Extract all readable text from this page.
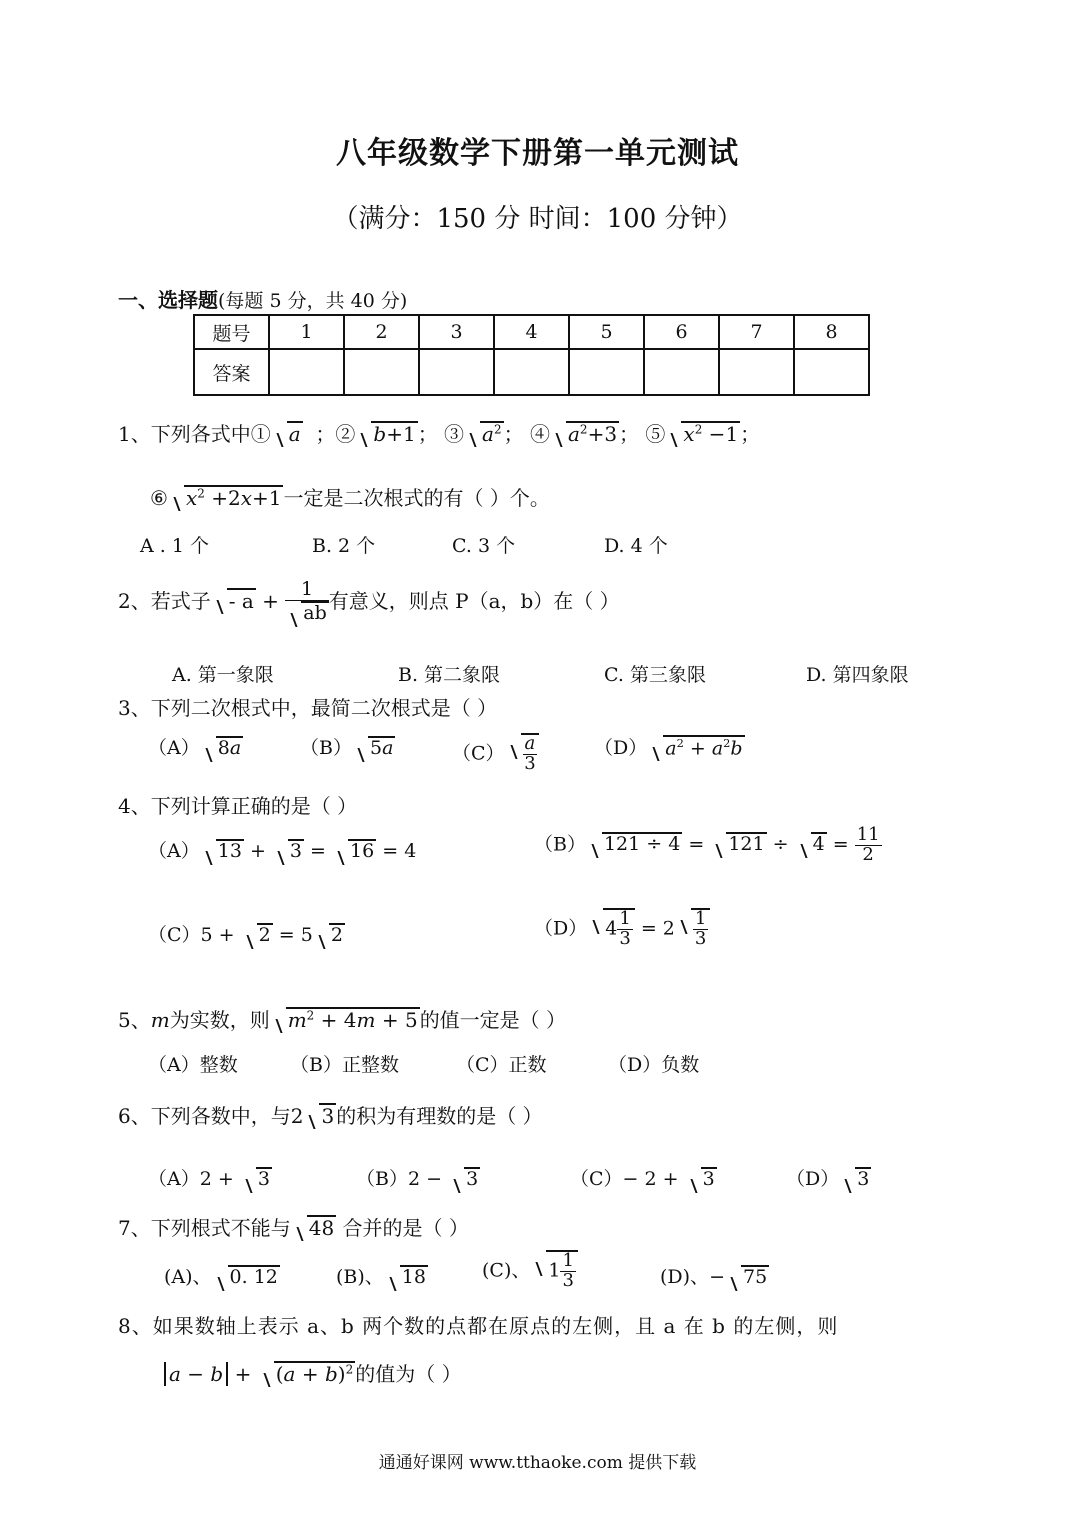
八年级数学下册第一单元测试
（满分：150 分 时间：100 分钟）
一、选择题(每题 5 分，共 40 分)
题号	1	2	3	4	5	6	7	8
答案								
1、下列各式中① a ；② b+1 ； ③ $a^2$ ； ④ $a^2+3$ ； ⑤ $x^2 -1$ ；
⑥ $x^2 +2x+1$ 一定是二次根式的有（ ）个。
A . 1 个	B. 2 个	C. 3 个	D. 4 个
2、若式子 - $a + \frac{1}{ab}$ 有意义，则点 P（a，b）在（ ）
A. 第一象限	B. 第二象限	C. 第三象限	D. 第四象限
3、下列二次根式中，最简二次根式是（ ）
（A） 8a	（B） 5a	$(C) \frac{a}{3}$	（D） $a^2 + a^2b$
4、下列计算正确的是（ ）
（A） 13 + 3 = 16 = 4	（B） $121 \div 4 = 121 \div 4 = \frac{11}{2}$
（C）5 + 2 = 5 2	（D） $4 \frac{1}{3} = 2 \frac{1}{3}$
5、m为实数，则 $m^2 + 4m + 5$ 的值一定是（ ）
（A）整数	（B）正整数	（C）正数	（D）负数
6、下列各数中，与2 3 的积为有理数的是（ ）
（A）2 + 3	（B）2 − 3	（C）− 2 + 3	（D） 3
7、下列根式不能与 48 合并的是（ ）
(A)、 0. 12	(B)、 18	(C)、 $1 \frac{1}{3}$	(D)、− 75
8、如果数轴上表示 a、b 两个数的点都在原点的左侧，且 a 在 b 的左侧，则
$a - b + (a + b)^2$ 的值为（ ）
通通好课网 www.tthaoke.com 提供下载
